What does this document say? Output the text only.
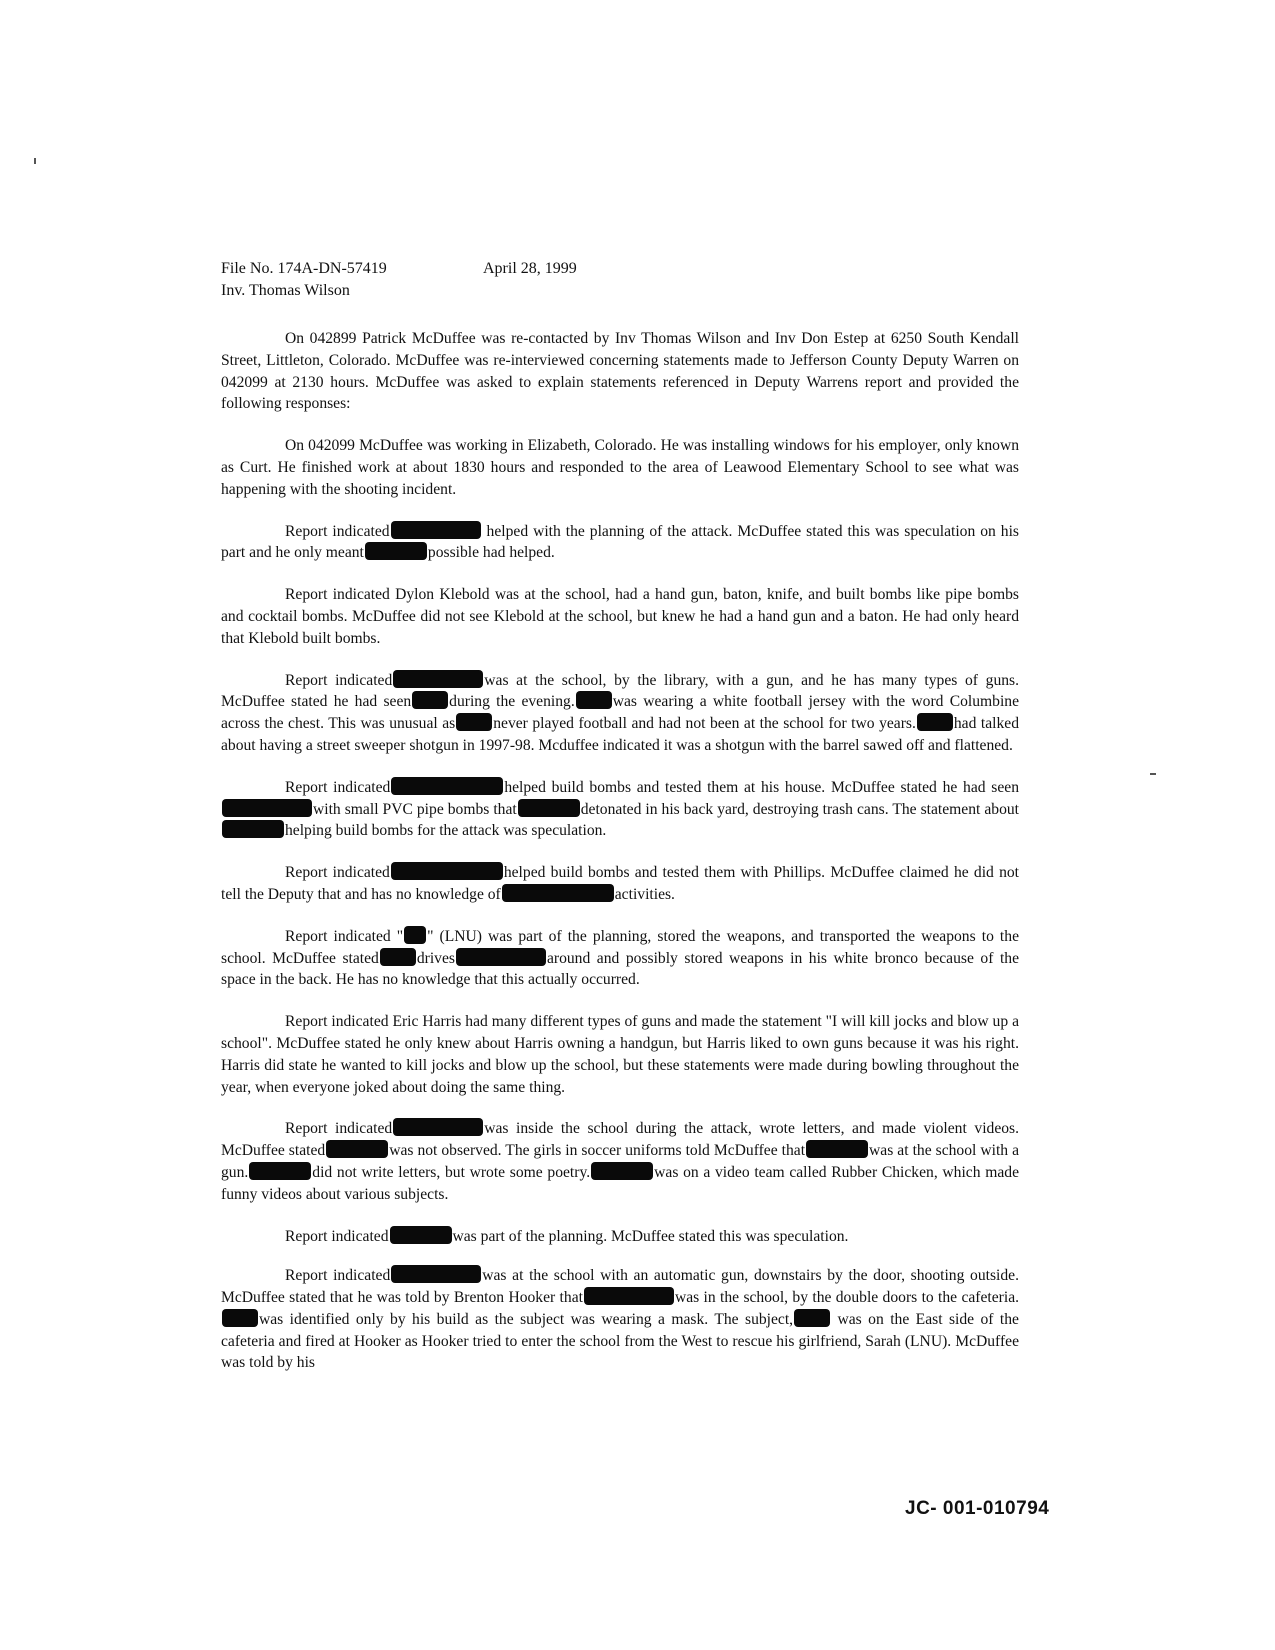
File No. 174A-DN-57419	April 28, 1999
Inv. Thomas Wilson

On 042899 Patrick McDuffee was re-contacted by Inv Thomas Wilson and Inv Don Estep at 6250 South Kendall Street, Littleton, Colorado. McDuffee was re-interviewed concerning statements made to Jefferson County Deputy Warren on 042099 at 2130 hours. McDuffee was asked to explain statements referenced in Deputy Warrens report and provided the following responses:

On 042099 McDuffee was working in Elizabeth, Colorado. He was installing windows for his employer, only known as Curt. He finished work at about 1830 hours and responded to the area of Leawood Elementary School to see what was happening with the shooting incident.

Report indicated	helped with the planning of the attack. McDuffee stated this was speculation on his part and he only meant	possible had helped.

Report indicated Dylon Klebold was at the school, had a hand gun, baton, knife, and built bombs like pipe bombs and cocktail bombs. McDuffee did not see Klebold at the school, but knew he had a hand gun and a baton. He had only heard that Klebold built bombs.

Report indicated	was at the school, by the library, with a gun, and he has many types of guns. McDuffee stated he had seen during the evening. was wearing a white football jersey with the word Columbine across the chest. This was unusual as never played football and had not been at the school for two years. had talked about having a street sweeper shotgun in 1997-98. Mcduffee indicated it was a shotgun with the barrel sawed off and flattened.

Report indicated	helped build bombs and tested them at his house. McDuffee stated he had seenwith small PVC pipe bombs that	detonated in his back yard, destroying trash cans. The statement abouthelping build bombs for the attack was speculation.

Report indicated	helped build bombs and tested them with Phillips. McDuffee claimed he did not tell the Deputy that and has no knowledge of	activities.

Report indicated " " (LNU) was part of the planning, stored the weapons, and transported the weapons to the school. McDuffee stated drives	around and possibly stored weapons in his white bronco because of the space in the back. He has no knowledge that this actually occurred.

Report indicated Eric Harris had many different types of guns and made the statement "I will kill jocks and blow up a school". McDuffee stated he only knew about Harris owning a handgun, but Harris liked to own guns because it was his right. Harris did state he wanted to kill jocks and blow up the school, but these statements were made during bowling throughout the year, when everyone joked about doing the same thing.

Report indicated	was inside the school during the attack, wrote letters, and made violent videos. McDuffee stated	was not observed. The girls in soccer uniforms told McDuffee that	was at the school with a gun.	did not write letters, but wrote some poetry.	was on a video team called Rubber Chicken, which made funny videos about various subjects.

Report indicated	was part of the planning. McDuffee stated this was speculation.

Report indicated	was at the school with an automatic gun, downstairs by the door, shooting outside. McDuffee stated that he was told by Brenton Hooker that	was in the school, by the double doors to the cafeteria.was identified only by his build as the subject was wearing a mask. The subject, was on the East side of the cafeteria and fired at Hooker as Hooker tried to enter the school from the West to rescue his girlfriend, Sarah (LNU). McDuffee was told by his

JC- 001-010794
